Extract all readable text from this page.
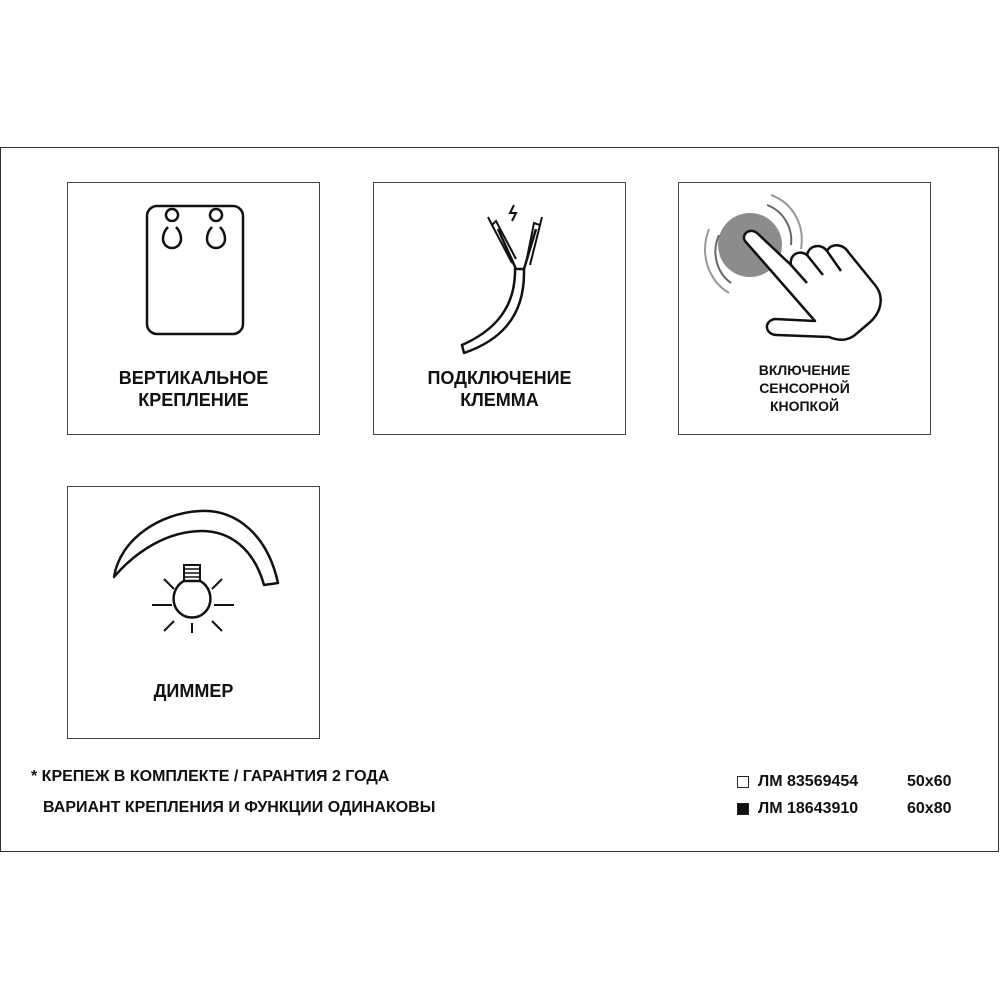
ВЕРТИКАЛЬНОЕ
КРЕПЛЕНИЕ
ПОДКЛЮЧЕНИЕ
КЛЕММА
ВКЛЮЧЕНИЕ
СЕНСОРНОЙ
КНОПКОЙ
ДИММЕР
* КРЕПЕЖ В КОМПЛЕКТЕ / ГАРАНТИЯ 2 ГОДА
ВАРИАНТ КРЕПЛЕНИЯ И ФУНКЦИИ ОДИНАКОВЫ
ЛМ 83569454	50х60
ЛМ 18643910	60х80
